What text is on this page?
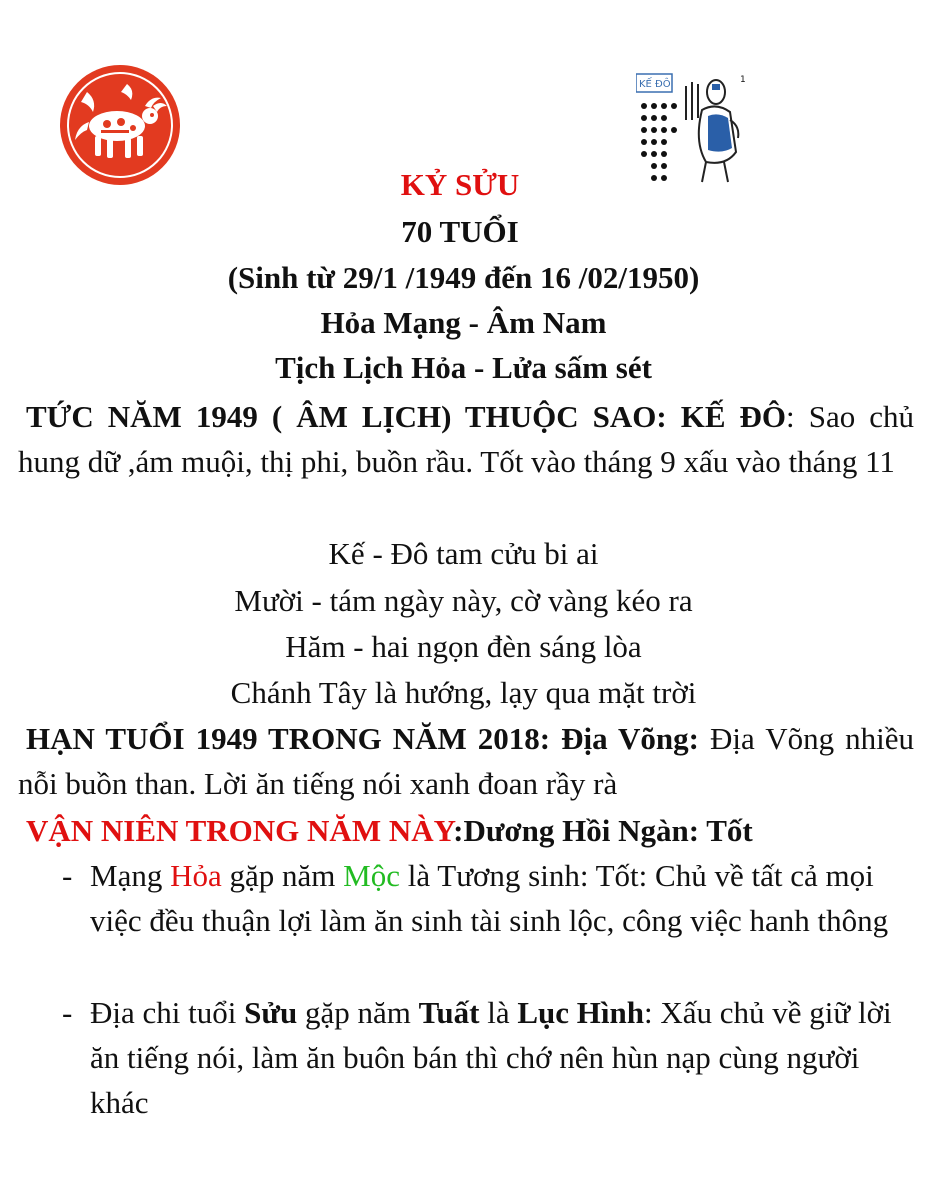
KẾ ĐÔ	1
KỶ SỬU
70 TUỔI
(Sinh từ 29/1 /1949 đến 16 /02/1950)
Hỏa Mạng - Âm Nam
Tịch Lịch Hỏa - Lửa sấm sét
TỨC NĂM 1949 ( ÂM LỊCH) THUỘC SAO: KẾ ĐÔ: Sao chủ hung dữ ,ám muội, thị phi, buồn rầu. Tốt vào tháng 9 xấu vào tháng 11
Kế - Đô tam cửu bi ai
Mười - tám ngày này, cờ vàng kéo ra
Hăm - hai ngọn đèn sáng lòa
Chánh Tây là hướng, lạy qua mặt trời
HẠN TUỔI 1949 TRONG NĂM 2018: Địa Võng: Địa Võng nhiều nỗi buồn than. Lời ăn tiếng nói xanh đoan rầy rà
VẬN NIÊN TRONG NĂM NÀY:Dương Hồi Ngàn: Tốt
- Mạng Hỏa gặp năm Mộc là Tương sinh: Tốt: Chủ về tất cả mọi việc đều thuận lợi làm ăn sinh tài sinh lộc, công việc hanh thông
- Địa chi tuổi Sửu gặp năm Tuất là Lục Hình: Xấu chủ về giữ lời ăn tiếng nói, làm ăn buôn bán thì chớ nên hùn nạp cùng người khác
